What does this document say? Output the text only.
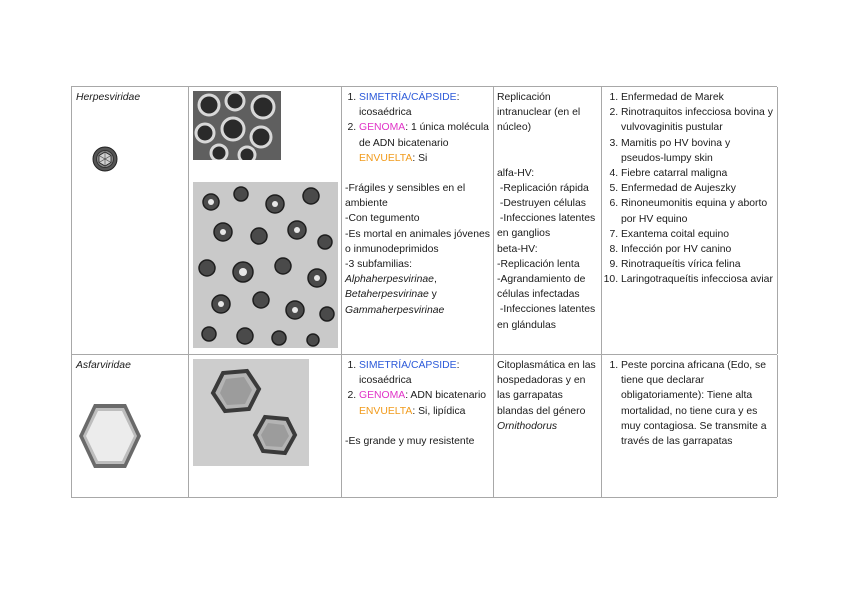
Herpesviridae	1. SIMETRÍA/CÁPSIDE: icosaédrica
2. GENOMA: 1 única molécula de ADN bicatenario ENVUELTA: Si
-Frágiles y sensibles en el ambiente
-Con tegumento
-Es mortal en animales jóvenes o inmunodeprimidos
-3 subfamilias:
Alphaherpesvirinae,
Betaherpesvirinae y
Gammaherpesvirinae
Replicación intranuclear (en el núcleo)
alfa-HV:
-Replicación rápida
-Destruyen células
-Infecciones latentes en ganglios
beta-HV:
-Replicación lenta
-Agrandamiento de células infectadas
-Infecciones latentes en glándulas
1. Enfermedad de Marek
2. Rinotraquitos infecciosa bovina y vulvovaginitis pustular
3. Mamitis po HV bovina y pseudos-lumpy skin
4. Fiebre catarral maligna
5. Enfermedad de Aujeszky
6. Rinoneumonitis equina y aborto por HV equino
7. Exantema coital equino
8. Infección por HV canino
9. Rinotraqueítis vírica felina
10. Laringotraqueítis infecciosa aviar
Asfarviridae	1. SIMETRÍA/CÁPSIDE: icosaédrica
2. GENOMA: ADN bicatenario ENVUELTA: Si, lipídica
-Es grande y muy resistente
Citoplasmática en las hospedadoras y en las garrapatas blandas del género Ornithodorus
1. Peste porcina africana (Edo, se tiene que declarar obligatoriamente): Tiene alta mortalidad, no tiene cura y es muy contagiosa. Se transmite a través de las garrapatas
